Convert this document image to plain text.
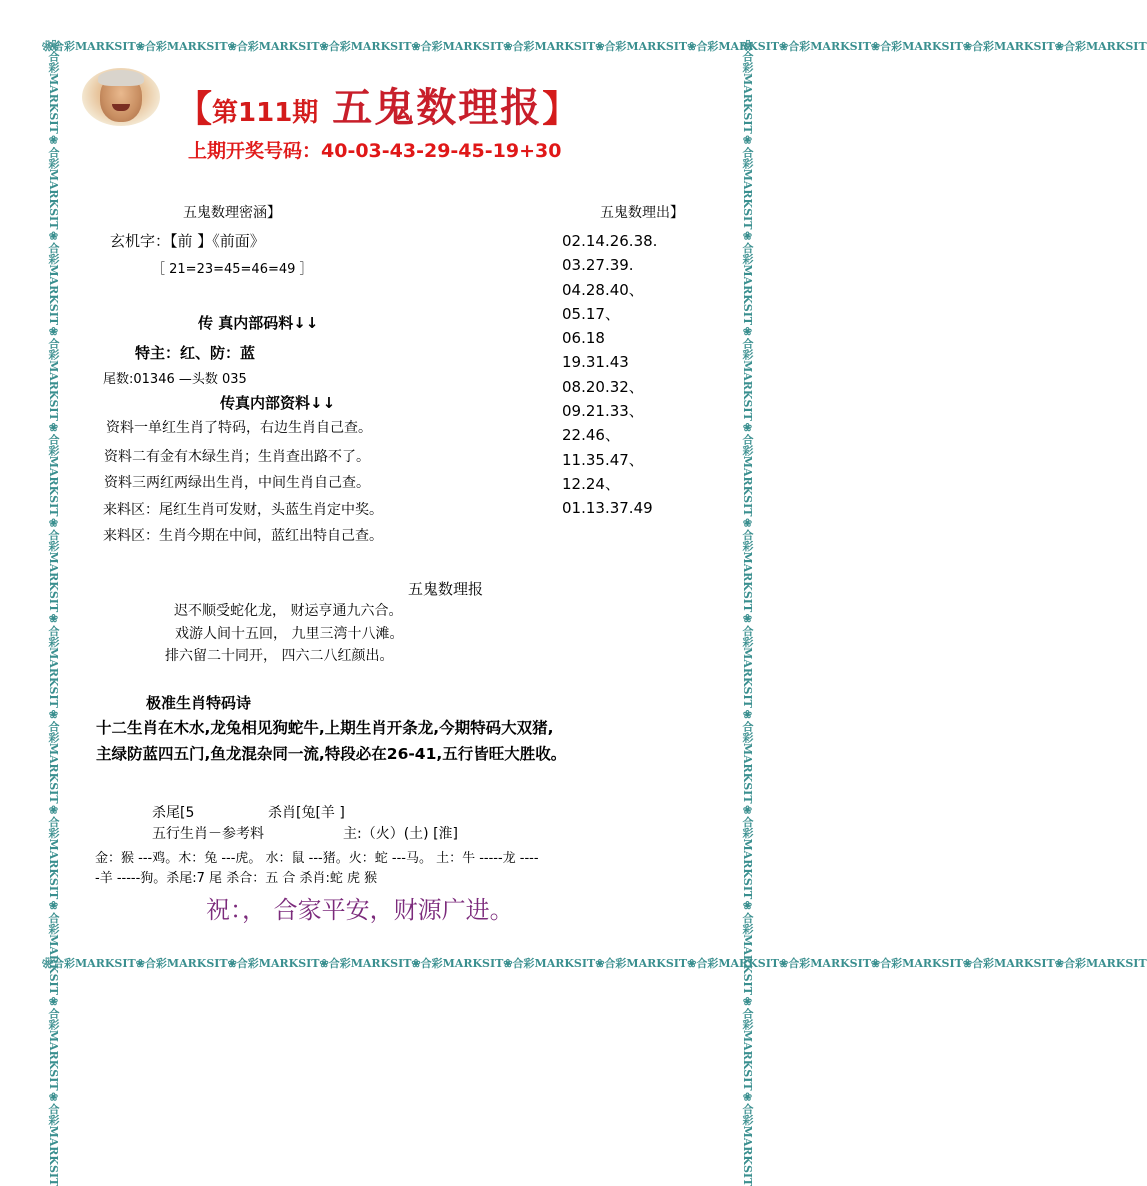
❀合彩MARKSIT❀合彩MARKSIT❀合彩MARKSIT❀合彩MARKSIT❀合彩MARKSIT❀合彩MARKSIT❀合彩MARKSIT❀合彩MARKSIT❀合彩MARKSIT❀合彩MARKSIT❀合彩MARKSIT❀合彩MARKSIT
❀合彩MARKSIT❀合彩MARKSIT❀合彩MARKSIT❀合彩MARKSIT❀合彩MARKSIT❀合彩MARKSIT❀合彩MARKSIT❀合彩MARKSIT❀合彩MARKSIT❀合彩MARKSIT❀合彩MARKSIT❀合彩MARKSIT
❀合彩MARKSIT❀合彩MARKSIT❀合彩MARKSIT❀合彩MARKSIT❀合彩MARKSIT❀合彩MARKSIT❀合彩MARKSIT❀合彩MARKSIT❀合彩MARKSIT❀合彩MARKSIT❀合彩MARKSIT❀合彩MARKSIT	❀合彩MARKSIT❀合彩MARKSIT❀合彩MARKSIT❀合彩MARKSIT❀合彩MARKSIT❀合彩MARKSIT❀合彩MARKSIT❀合彩MARKSIT❀合彩MARKSIT❀合彩MARKSIT❀合彩MARKSIT❀合彩MARKSIT
【第111期 五鬼数理报】
上期开奖号码：40-03-43-29-45-19+30
五鬼数理密涵】
玄机字：【前 】《前面》
［ 21=23=45=46=49 ］
传 真内部码料↓↓
特主：红、防：蓝
尾数:01346 —头数 035
传真内部资料↓↓
资料一单红生肖了特码，右边生肖自己查。
资料二有金有木绿生肖；生肖查出路不了。
资料三两红两绿出生肖，中间生肖自己查。
来料区：尾红生肖可发财，头蓝生肖定中奖。
来料区：生肖今期在中间，蓝红出特自己查。
五鬼数理出】
02.14.26.38.
03.27.39.
04.28.40、
05.17、
06.18
19.31.43
08.20.32、
09.21.33、
22.46、
11.35.47、
12.24、
01.13.37.49
五鬼数理报
迟不顺受蛇化龙， 财运亨通九六合。
戏游人间十五回， 九里三湾十八滩。
排六留二十同开， 四六二八红颜出。
极准生肖特码诗
十二生肖在木水,龙兔相见狗蛇牛,上期生肖开条龙,今期特码大双猪,
主绿防蓝四五门,鱼龙混杂同一流,特段必在26-41,五行皆旺大胜收。
杀尾[5	杀肖[兔[羊 ]
五行生肖－参考料	主:（火）(土) [淮]
金：猴 ---鸡。木：兔 ---虎。 水：鼠 ---猪。火：蛇 ---马。 土：牛 -----龙 ----
-羊 -----狗。杀尾:7 尾 杀合：五 合 杀肖:蛇 虎 猴
祝：， 合家平安，财源广进。
